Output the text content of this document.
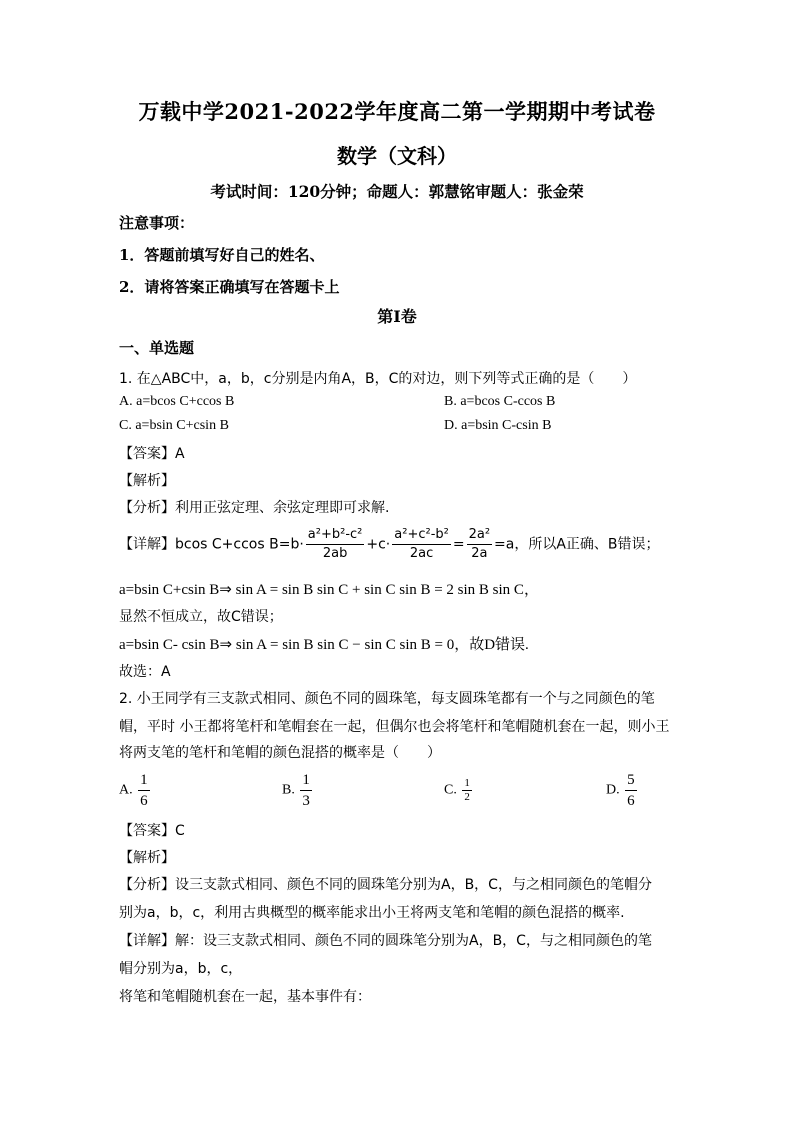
万载中学2021-2022学年度高二第一学期期中考试卷
数学（文科）
考试时间：120分钟；命题人：郭慧铭审题人：张金荣
注意事项：
1．答题前填写好自己的姓名、
2．请将答案正确填写在答题卡上
第I卷
一、单选题
1. 在△ABC中，a，b，c分别是内角A，B，C的对边，则下列等式正确的是（　　）
A. a=bcos C+ccos B	B. a=bcos C-ccos B
C. a=bsin C+csin B	D. a=bsin C-csin B
【答案】A
【解析】
【分析】利用正弦定理、余弦定理即可求解.
【详解】bcos C+ccos $B=b\cdot \frac{\text{a²+b²-c²}}{2ab} +c\cdot \frac{\text{a²+c²-b²}}{2ac} = \frac{\text{2a²}}{2a} =a$，所以A正确、B错误；
a=bsin C+csin B⇒ sin A = sin B sin C + sin C sin B = 2 sin B sin C，
显然不恒成立，故C错误；
a=bsin C- csin B⇒ sin A = sin B sin C − sin C sin B = 0，故D错误.
故选：A
2. 小王同学有三支款式相同、颜色不同的圆珠笔，每支圆珠笔都有一个与之同颜色的笔
帽，平时 小王都将笔杆和笔帽套在一起，但偶尔也会将笔杆和笔帽随机套在一起，则小王
将两支笔的笔杆和笔帽的颜色混搭的概率是（　　）
A. $\frac{1}{6}$	B. $\frac{1}{3}$	C. $\frac{1}{2}$	D. $\frac{5}{6}$
【答案】C
【解析】
【分析】设三支款式相同、颜色不同的圆珠笔分别为A，B，C，与之相同颜色的笔帽分
别为a，b，c，利用古典概型的概率能求出小王将两支笔和笔帽的颜色混搭的概率.
【详解】解：设三支款式相同、颜色不同的圆珠笔分别为A，B，C，与之相同颜色的笔
帽分别为a，b，c，
将笔和笔帽随机套在一起，基本事件有：
